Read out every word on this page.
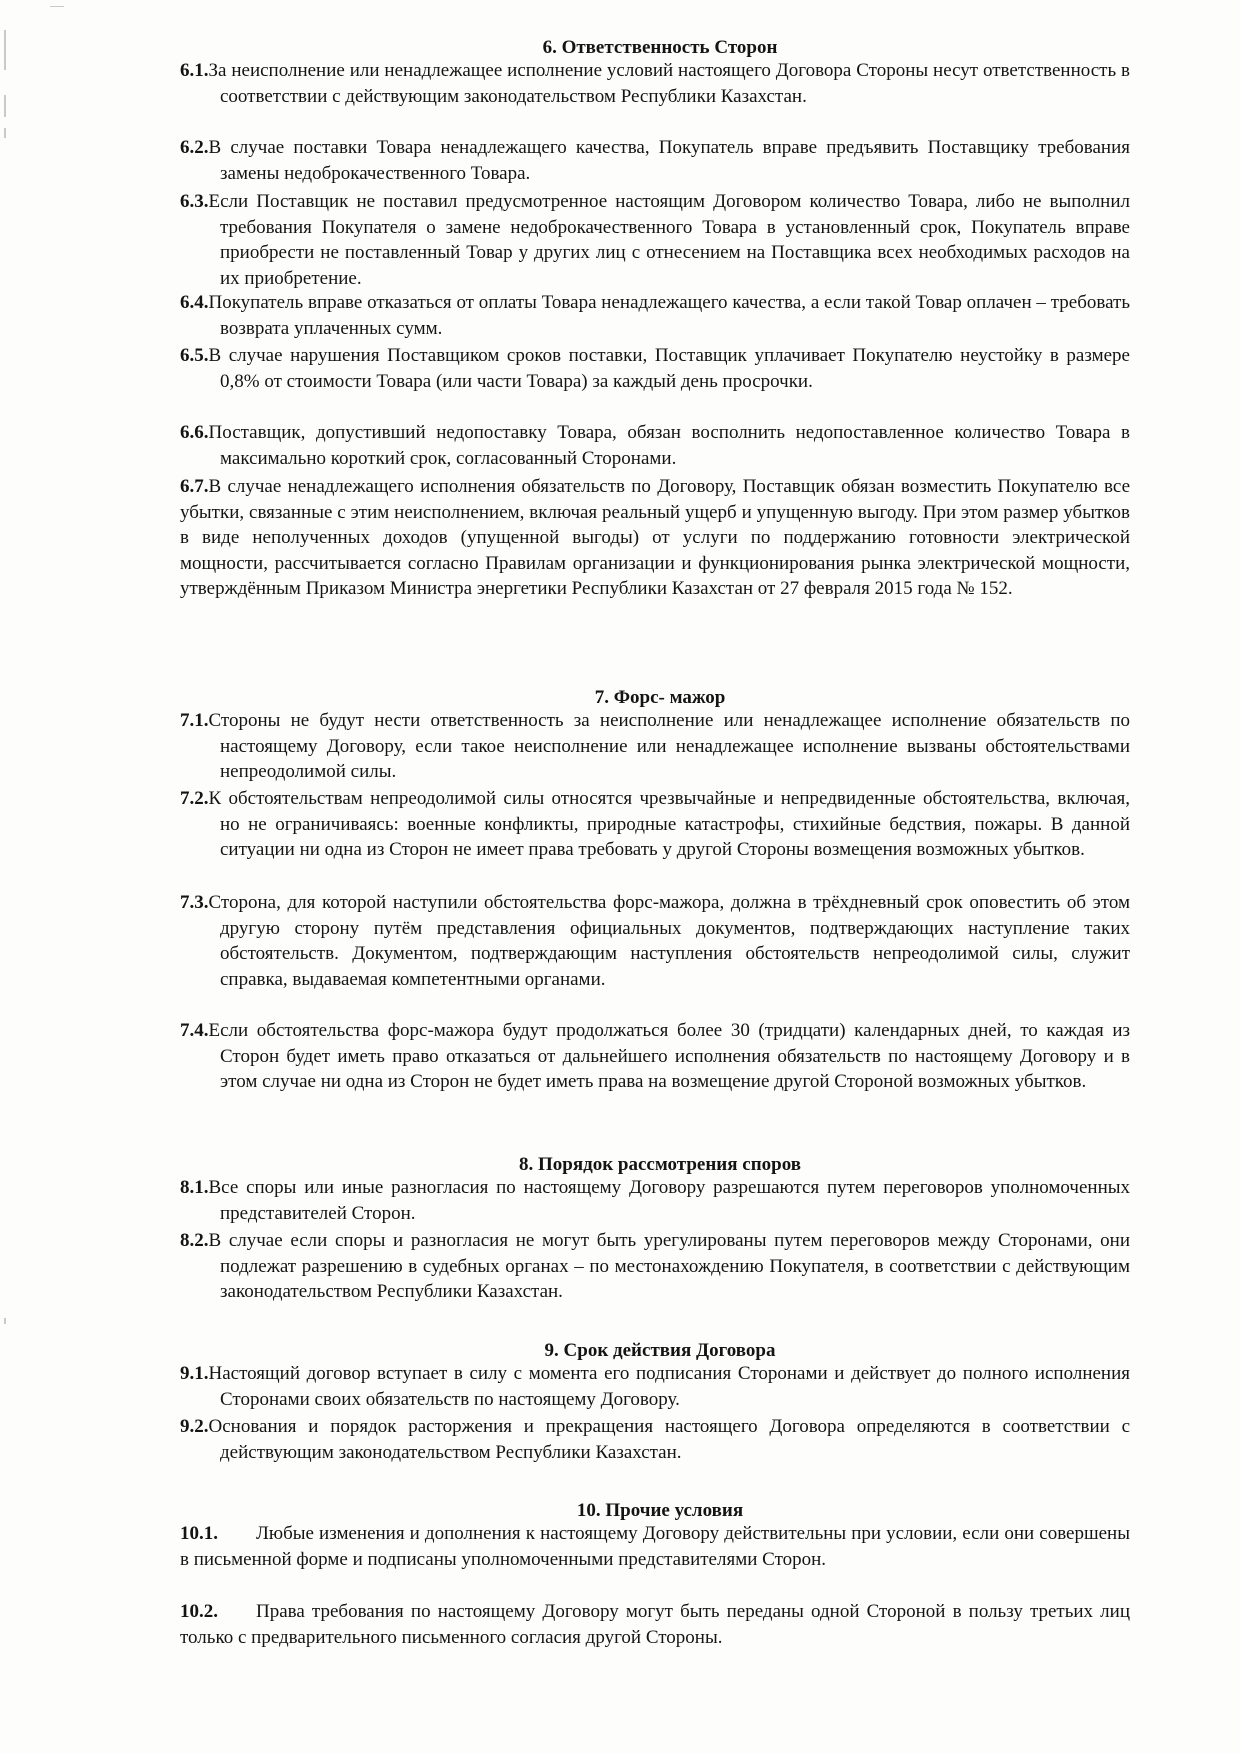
6. Ответственность Сторон
6.1.За неисполнение или ненадлежащее исполнение условий настоящего Договора Стороны несут ответственность в соответствии с действующим законодательством Республики Казахстан.
6.2.В случае поставки Товара ненадлежащего качества, Покупатель вправе предъявить Поставщику требования замены недоброкачественного Товара.
6.3.Если Поставщик не поставил предусмотренное настоящим Договором количество Товара, либо не выполнил требования Покупателя о замене недоброкачественного Товара в установленный срок, Покупатель вправе приобрести не поставленный Товар у других лиц с отнесением на Поставщика всех необходимых расходов на их приобретение.
6.4.Покупатель вправе отказаться от оплаты Товара ненадлежащего качества, а если такой Товар оплачен – требовать возврата уплаченных сумм.
6.5.В случае нарушения Поставщиком сроков поставки, Поставщик уплачивает Покупателю неустойку в размере 0,8% от стоимости Товара (или части Товара) за каждый день просрочки.
6.6.Поставщик, допустивший недопоставку Товара, обязан восполнить недопоставленное количество Товара в максимально короткий срок, согласованный Сторонами.
6.7.В случае ненадлежащего исполнения обязательств по Договору, Поставщик обязан возместить Покупателю все убытки, связанные с этим неисполнением, включая реальный ущерб и упущенную выгоду. При этом размер убытков в виде неполученных доходов (упущенной выгоды) от услуги по поддержанию готовности электрической мощности, рассчитывается согласно Правилам организации и функционирования рынка электрической мощности, утверждённым Приказом Министра энергетики Республики Казахстан от 27 февраля 2015 года № 152.
7. Форс- мажор
7.1.Стороны не будут нести ответственность за неисполнение или ненадлежащее исполнение обязательств по настоящему Договору, если такое неисполнение или ненадлежащее исполнение вызваны обстоятельствами непреодолимой силы.
7.2.К обстоятельствам непреодолимой силы относятся чрезвычайные и непредвиденные обстоятельства, включая, но не ограничиваясь: военные конфликты, природные катастрофы, стихийные бедствия, пожары. В данной ситуации ни одна из Сторон не имеет права требовать у другой Стороны возмещения возможных убытков.
7.3.Сторона, для которой наступили обстоятельства форс-мажора, должна в трёхдневный срок оповестить об этом другую сторону путём представления официальных документов, подтверждающих наступление таких обстоятельств. Документом, подтверждающим наступления обстоятельств непреодолимой силы, служит справка, выдаваемая компетентными органами.
7.4.Если обстоятельства форс-мажора будут продолжаться более 30 (тридцати) календарных дней, то каждая из Сторон будет иметь право отказаться от дальнейшего исполнения обязательств по настоящему Договору и в этом случае ни одна из Сторон не будет иметь права на возмещение другой Стороной возможных убытков.
8. Порядок рассмотрения споров
8.1.Все споры или иные разногласия по настоящему Договору разрешаются путем переговоров уполномоченных представителей Сторон.
8.2.В случае если споры и разногласия не могут быть урегулированы путем переговоров между Сторонами, они подлежат разрешению в судебных органах – по местонахождению Покупателя, в соответствии с действующим законодательством Республики Казахстан.
9. Срок действия Договора
9.1.Настоящий договор вступает в силу с момента его подписания Сторонами и действует до полного исполнения Сторонами своих обязательств по настоящему Договору.
9.2.Основания и порядок расторжения и прекращения настоящего Договора определяются в соответствии с действующим законодательством Республики Казахстан.
10. Прочие условия
10.1. Любые изменения и дополнения к настоящему Договору действительны при условии, если они совершены в письменной форме и подписаны уполномоченными представителями Сторон.
10.2. Права требования по настоящему Договору могут быть переданы одной Стороной в пользу третьих лиц только с предварительного письменного согласия другой Стороны.
